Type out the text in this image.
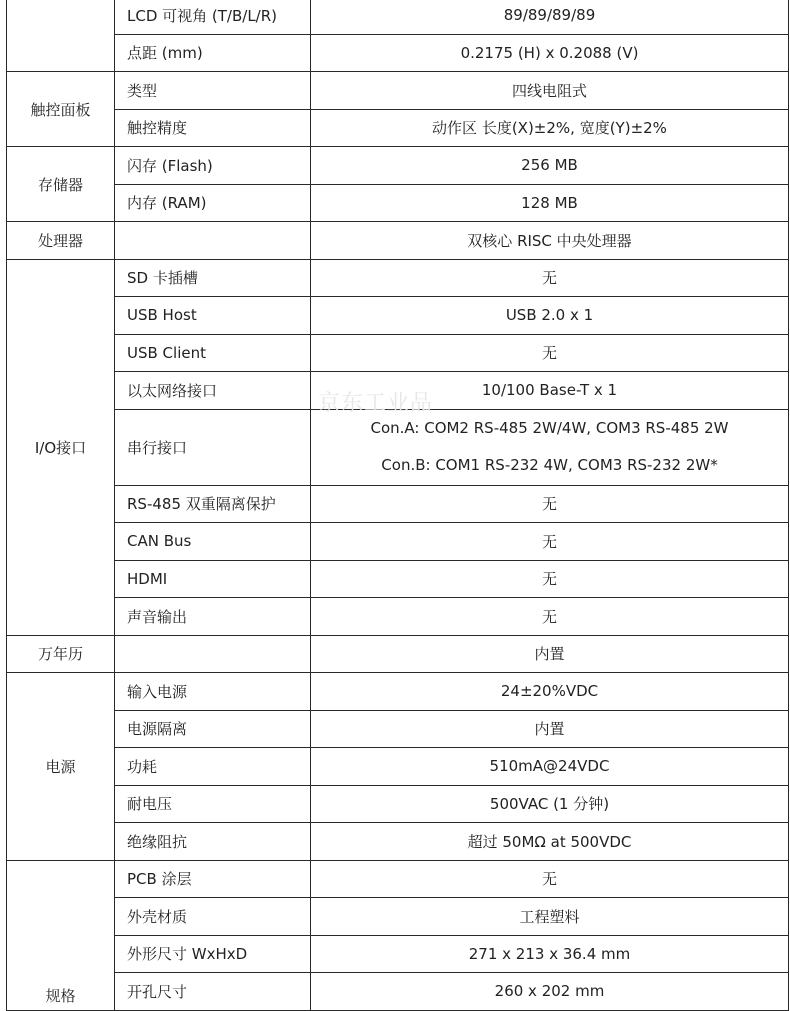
	LCD 可视角 (T/B/L/R)	89/89/89/89
	点距 (mm)	0.2175 (H) x 0.2088 (V)
触控面板	类型	四线电阻式
	触控精度	动作区 长度(X)±2%, 宽度(Y)±2%
存储器	闪存 (Flash)	256 MB
	内存 (RAM)	128 MB
处理器		双核心 RISC 中央处理器
I/O接口	SD 卡插槽	无
	USB Host	USB 2.0 x 1
	USB Client	无
	以太网络接口	10/100 Base-T x 1
	串行接口	Con.A: COM2 RS-485 2W/4W, COM3 RS-485 2W
Con.B: COM1 RS-232 4W, COM3 RS-232 2W*

	RS-485 双重隔离保护	无
	CAN Bus	无
	HDMI	无
	声音输出	无
万年历		内置
电源	输入电源	24±20%VDC
	电源隔离	内置
	功耗	510mA@24VDC
	耐电压	500VAC (1 分钟)
	绝缘阻抗	超过 50MΩ at 500VDC
规格	PCB 涂层	无
	外壳材质	工程塑料
	外形尺寸 WxHxD	271 x 213 x 36.4 mm
	开孔尺寸	260 x 202 mm
京东工业品
